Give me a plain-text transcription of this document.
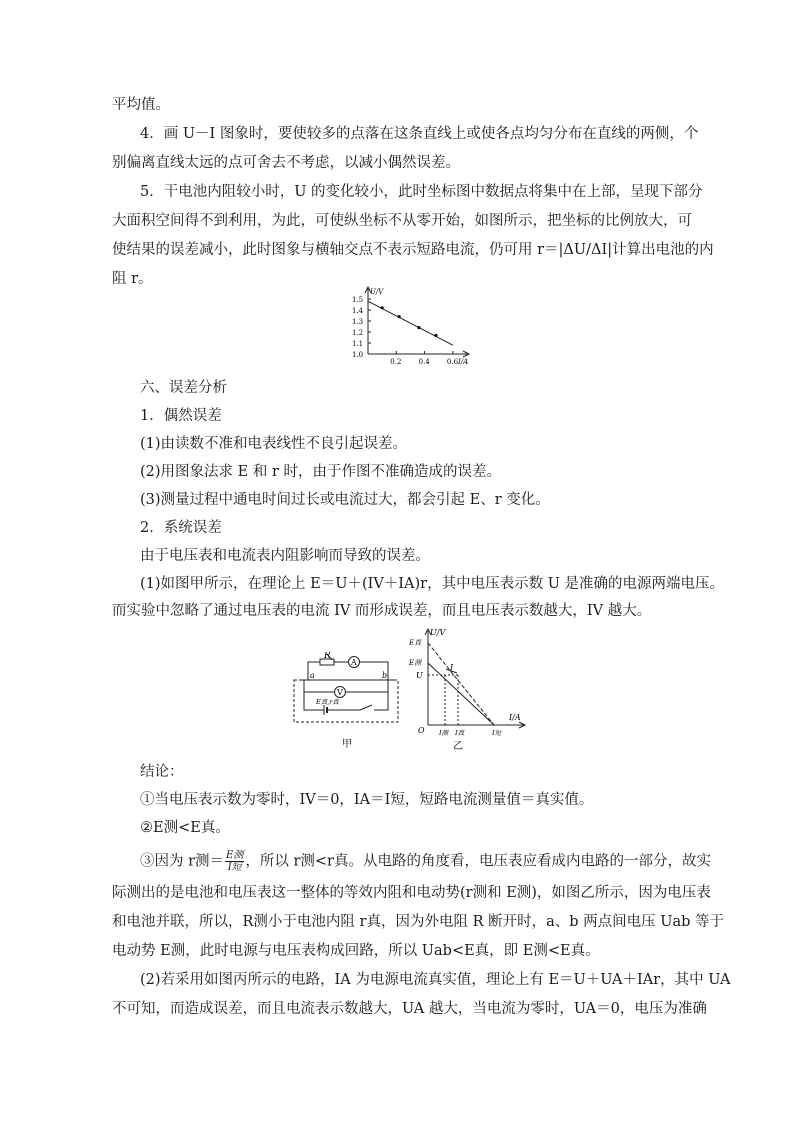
平均值。
4．画 U－I 图象时，要使较多的点落在这条直线上或使各点均匀分布在直线的两侧，个
别偏离直线太远的点可舍去不考虑，以减小偶然误差。
5．干电池内阻较小时，U 的变化较小，此时坐标图中数据点将集中在上部，呈现下部分
大面积空间得不到利用，为此，可使纵坐标不从零开始，如图所示，把坐标的比例放大，可
使结果的误差减小，此时图象与横轴交点不表示短路电流，仍可用 r＝|ΔU/ΔI|计算出电池的内
阻 r。
1.0
1.1
1.2
1.3
1.4
1.5
0.2 0.4 0.6
U/V
I/A
六、误差分析
1．偶然误差
(1)由读数不准和电表线性不良引起误差。
(2)用图象法求 E 和 r 时，由于作图不准确造成的误差。
(3)测量过程中通电时间过长或电流过大，都会引起 E、r 变化。
2．系统误差
由于电压表和电流表内阻影响而导致的误差。
(1)如图甲所示，在理论上 E＝U＋(IV＋IA)r，其中电压表示数 U 是准确的电源两端电压。
而实验中忽略了通过电压表的电流 IV 而形成误差，而且电压表示数越大，IV 越大。
R
A
V
a	b
E真,r真
甲
U/V
I/A
O
E真
E测
U
I
I测 I真	I短
乙
结论：
①当电压表示数为零时，IV＝0，IA＝I短，短路电流测量值＝真实值。
②E测<E真。
③因为 r测＝ $\frac{\text{E测}}{\text{I短}}$ ，所以 r测<r真。从电路的角度看，电压表应看成内电路的一部分，故实
际测出的是电池和电压表这一整体的等效内阻和电动势(r测和 E测)，如图乙所示，因为电压表
和电池并联，所以，R测小于电池内阻 r真，因为外电阻 R 断开时，a、b 两点间电压 Uab 等于
电动势 E测，此时电源与电压表构成回路，所以 Uab<E真，即 E测<E真。
(2)若采用如图丙所示的电路，IA 为电源电流真实值，理论上有 E＝U＋UA＋IAr，其中 UA
不可知，而造成误差，而且电流表示数越大，UA 越大，当电流为零时，UA＝0，电压为准确
